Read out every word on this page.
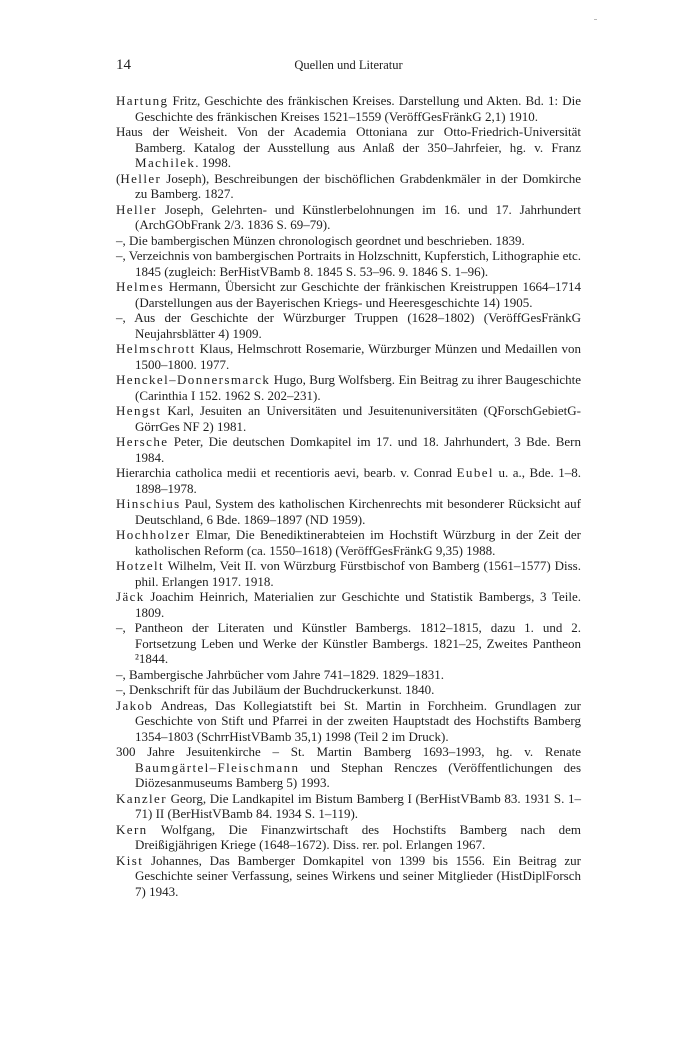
14	Quellen und Literatur

Hartung Fritz, Geschichte des fränkischen Kreises. Darstellung und Akten. Bd. 1: Die Geschichte des fränkischen Kreises 1521–1559 (VeröffGesFränkG 2,1) 1910.

Haus der Weisheit. Von der Academia Ottoniana zur Otto-Friedrich-Universität Bamberg. Katalog der Ausstellung aus Anlaß der 350–Jahrfeier, hg. v. Franz Machilek. 1998.

(Heller Joseph), Beschreibungen der bischöflichen Grabdenkmäler in der Domkirche zu Bamberg. 1827.

Heller Joseph, Gelehrten- und Künstlerbelohnungen im 16. und 17. Jahrhundert (ArchGObFrank 2/3. 1836 S. 69–79).

–, Die bambergischen Münzen chronologisch geordnet und beschrieben. 1839.

–, Verzeichnis von bambergischen Portraits in Holzschnitt, Kupferstich, Lithographie etc. 1845 (zugleich: BerHistVBamb 8. 1845 S. 53–96. 9. 1846 S. 1–96).

Helmes Hermann, Übersicht zur Geschichte der fränkischen Kreistruppen 1664–1714 (Darstellungen aus der Bayerischen Kriegs- und Heeresgeschichte 14) 1905.

–, Aus der Geschichte der Würzburger Truppen (1628–1802) (VeröffGesFränkG Neujahrsblätter 4) 1909.

Helmschrott Klaus, Helmschrott Rosemarie, Würzburger Münzen und Medaillen von 1500–1800. 1977.

Henckel–Donnersmarck Hugo, Burg Wolfsberg. Ein Beitrag zu ihrer Baugeschichte (Carinthia I 152. 1962 S. 202–231).

Hengst Karl, Jesuiten an Universitäten und Jesuitenuniversitäten (QForschGebietG-GörrGes NF 2) 1981.

Hersche Peter, Die deutschen Domkapitel im 17. und 18. Jahrhundert, 3 Bde. Bern 1984.

Hierarchia catholica medii et recentioris aevi, bearb. v. Conrad Eubel u. a., Bde. 1–8. 1898–1978.

Hinschius Paul, System des katholischen Kirchenrechts mit besonderer Rücksicht auf Deutschland, 6 Bde. 1869–1897 (ND 1959).

Hochholzer Elmar, Die Benediktinerabteien im Hochstift Würzburg in der Zeit der katholischen Reform (ca. 1550–1618) (VeröffGesFränkG 9,35) 1988.

Hotzelt Wilhelm, Veit II. von Würzburg Fürstbischof von Bamberg (1561–1577) Diss. phil. Erlangen 1917. 1918.

Jäck Joachim Heinrich, Materialien zur Geschichte und Statistik Bambergs, 3 Teile. 1809.

–, Pantheon der Literaten und Künstler Bambergs. 1812–1815, dazu 1. und 2. Fortsetzung Leben und Werke der Künstler Bambergs. 1821–25, Zweites Pantheon ²1844.

–, Bambergische Jahrbücher vom Jahre 741–1829. 1829–1831.

–, Denkschrift für das Jubiläum der Buchdruckerkunst. 1840.

Jakob Andreas, Das Kollegiatstift bei St. Martin in Forchheim. Grundlagen zur Geschichte von Stift und Pfarrei in der zweiten Hauptstadt des Hochstifts Bamberg 1354–1803 (SchrrHistVBamb 35,1) 1998 (Teil 2 im Druck).

300 Jahre Jesuitenkirche – St. Martin Bamberg 1693–1993, hg. v. Renate Baumgärtel–Fleischmann und Stephan Renczes (Veröffentlichungen des Diözesanmuseums Bamberg 5) 1993.

Kanzler Georg, Die Landkapitel im Bistum Bamberg I (BerHistVBamb 83. 1931 S. 1–71) II (BerHistVBamb 84. 1934 S. 1–119).

Kern Wolfgang, Die Finanzwirtschaft des Hochstifts Bamberg nach dem Dreißigjährigen Kriege (1648–1672). Diss. rer. pol. Erlangen 1967.

Kist Johannes, Das Bamberger Domkapitel von 1399 bis 1556. Ein Beitrag zur Geschichte seiner Verfassung, seines Wirkens und seiner Mitglieder (HistDiplForsch 7) 1943.
